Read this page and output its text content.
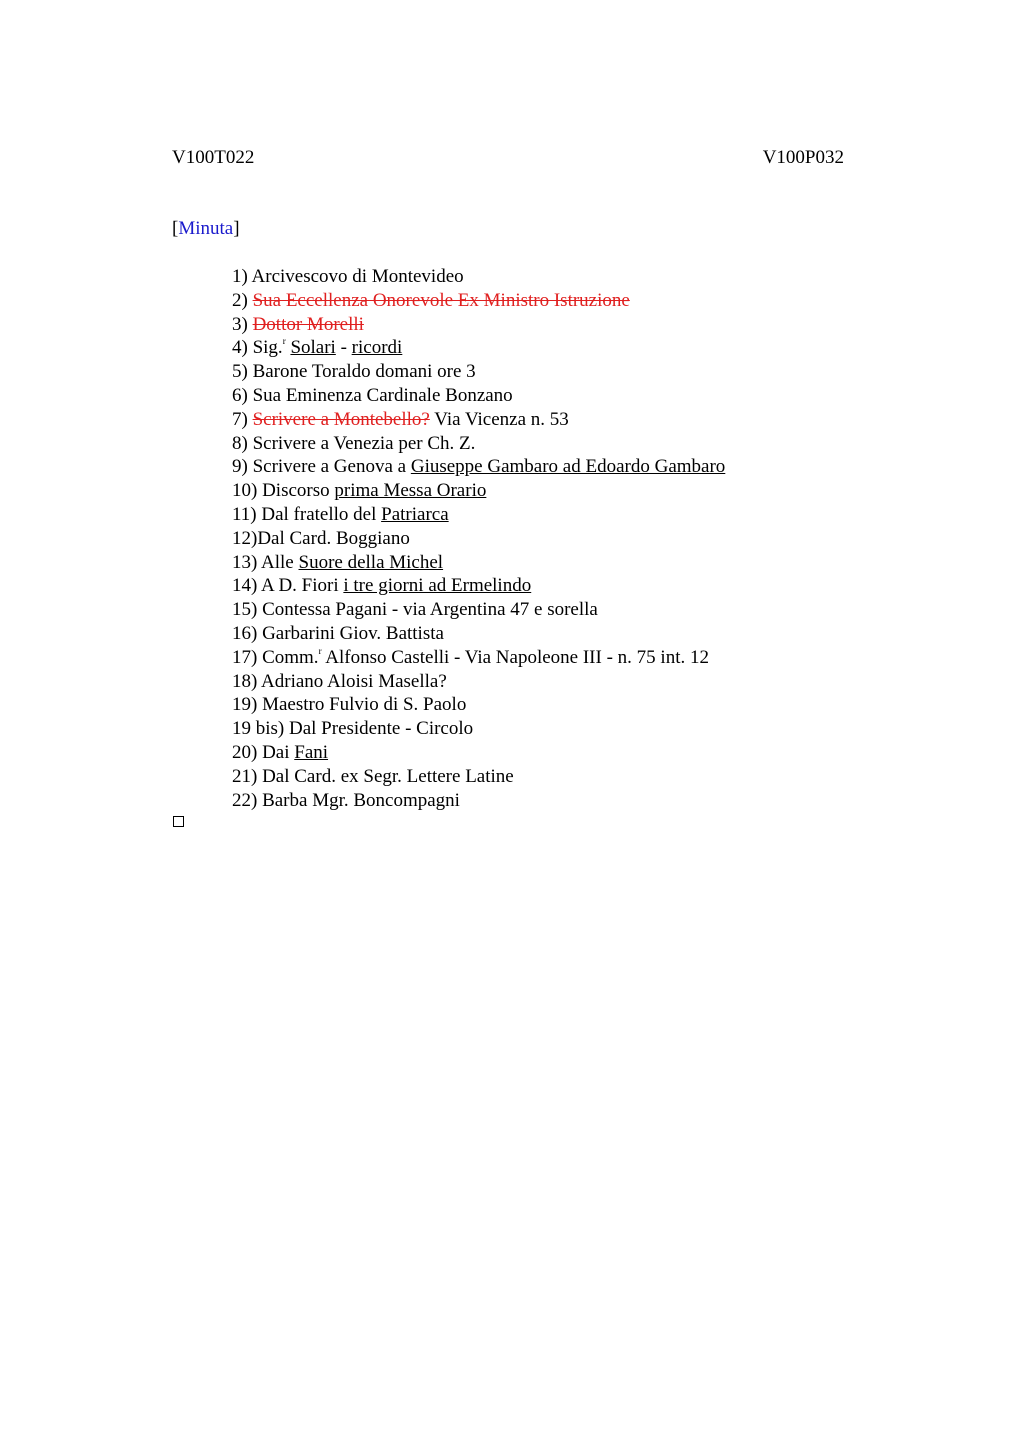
V100T022	V100P032
[Minuta]
1) Arcivescovo di Montevideo
2) Sua Eccellenza Onorevole Ex Ministro Istruzione
3) Dottor Morelli
4) Sig.$^r$ Solari - ricordi
5) Barone Toraldo domani ore 3
6) Sua Eminenza Cardinale Bonzano
7) Scrivere a Montebello? Via Vicenza n. 53
8) Scrivere a Venezia per Ch. Z.
9) Scrivere a Genova a Giuseppe Gambaro ad Edoardo Gambaro
10) Discorso prima Messa Orario
11) Dal fratello del Patriarca
12)Dal Card. Boggiano
13) Alle Suore della Michel
14) A D. Fiori i tre giorni ad Ermelindo
15) Contessa Pagani - via Argentina 47 e sorella
16) Garbarini Giov. Battista
17) Comm.$^r$ Alfonso Castelli - Via Napoleone III - n. 75 int. 12
18) Adriano Aloisi Masella?
19) Maestro Fulvio di S. Paolo
19 bis) Dal Presidente - Circolo
20) Dai Fani
21) Dal Card. ex Segr. Lettere Latine
22) Barba Mgr. Boncompagni
